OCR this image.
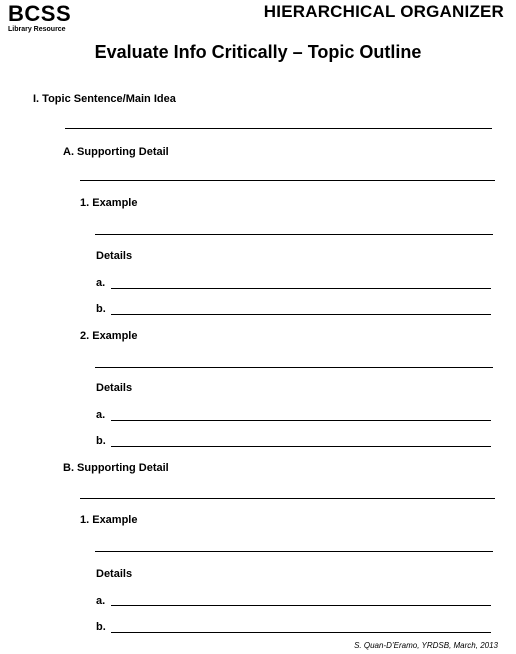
BCSS
Library Resource
HIERARCHICAL ORGANIZER
Evaluate Info Critically – Topic Outline
I. Topic Sentence/Main Idea
A. Supporting Detail
1. Example
Details
a.
b.
2. Example
Details
a.
b.
B. Supporting Detail
1. Example
Details
a.
b.
S. Quan-D’Eramo, YRDSB, March, 2013
